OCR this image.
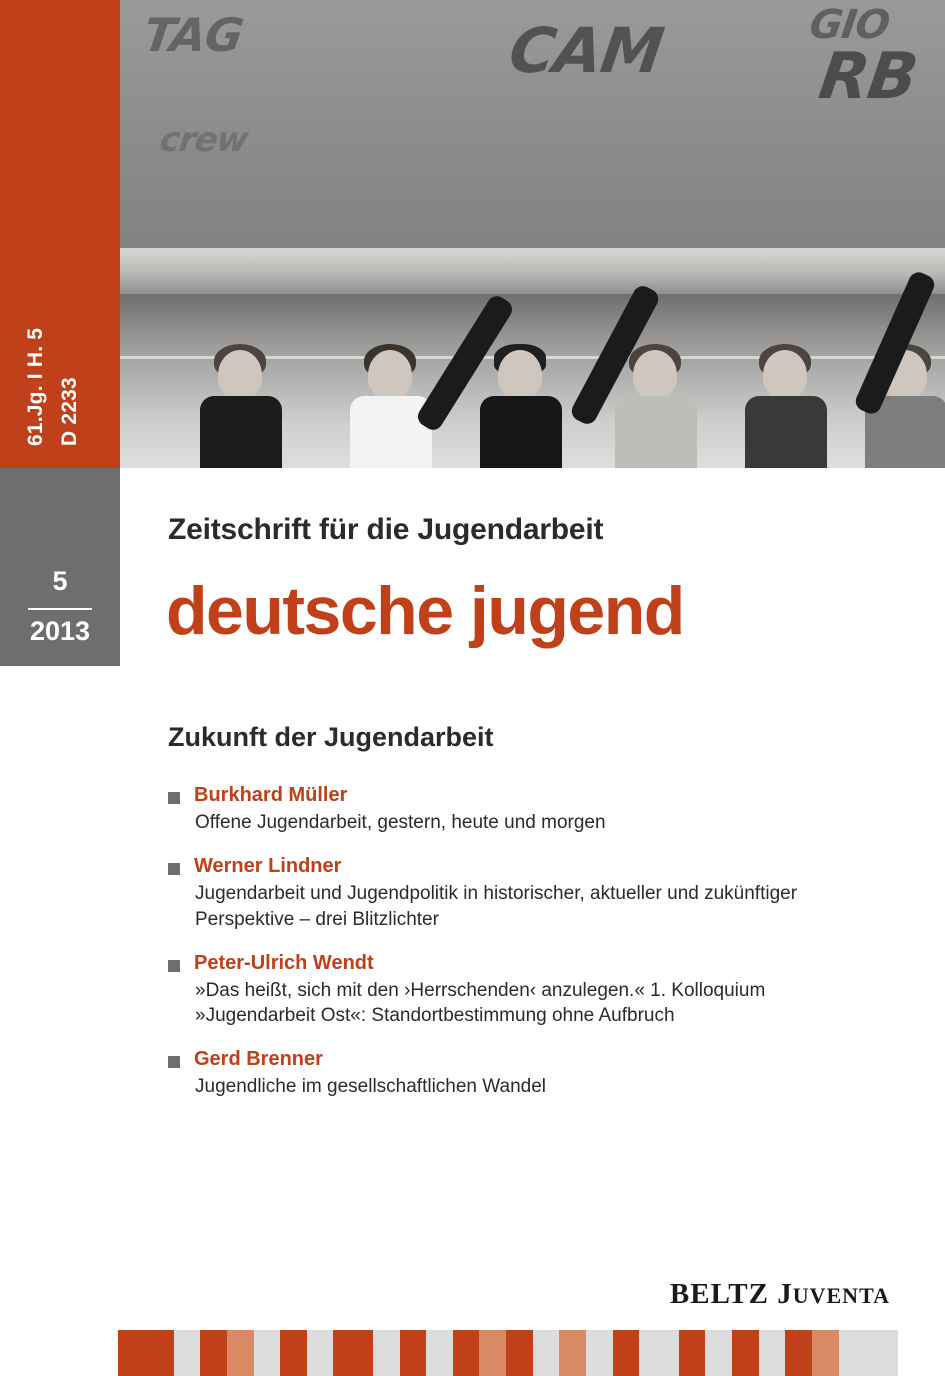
61.Jg. I H. 5 D 2233
5
2013
TAG	CAM	GIO
RB
crew
Zeitschrift für die Jugendarbeit
deutsche jugend
Zukunft der Jugendarbeit
Burkhard Müller
Offene Jugendarbeit, gestern, heute und morgen
Werner Lindner
Jugendarbeit und Jugendpolitik in historischer, aktueller und zukünftiger Perspektive – drei Blitzlichter
Peter-Ulrich Wendt
»Das heißt, sich mit den ›Herrschenden‹ anzulegen.« 1. Kolloquium »Jugendarbeit Ost«: Standortbestimmung ohne Aufbruch
Gerd Brenner
Jugendliche im gesellschaftlichen Wandel
BELTZ JUVENTA
